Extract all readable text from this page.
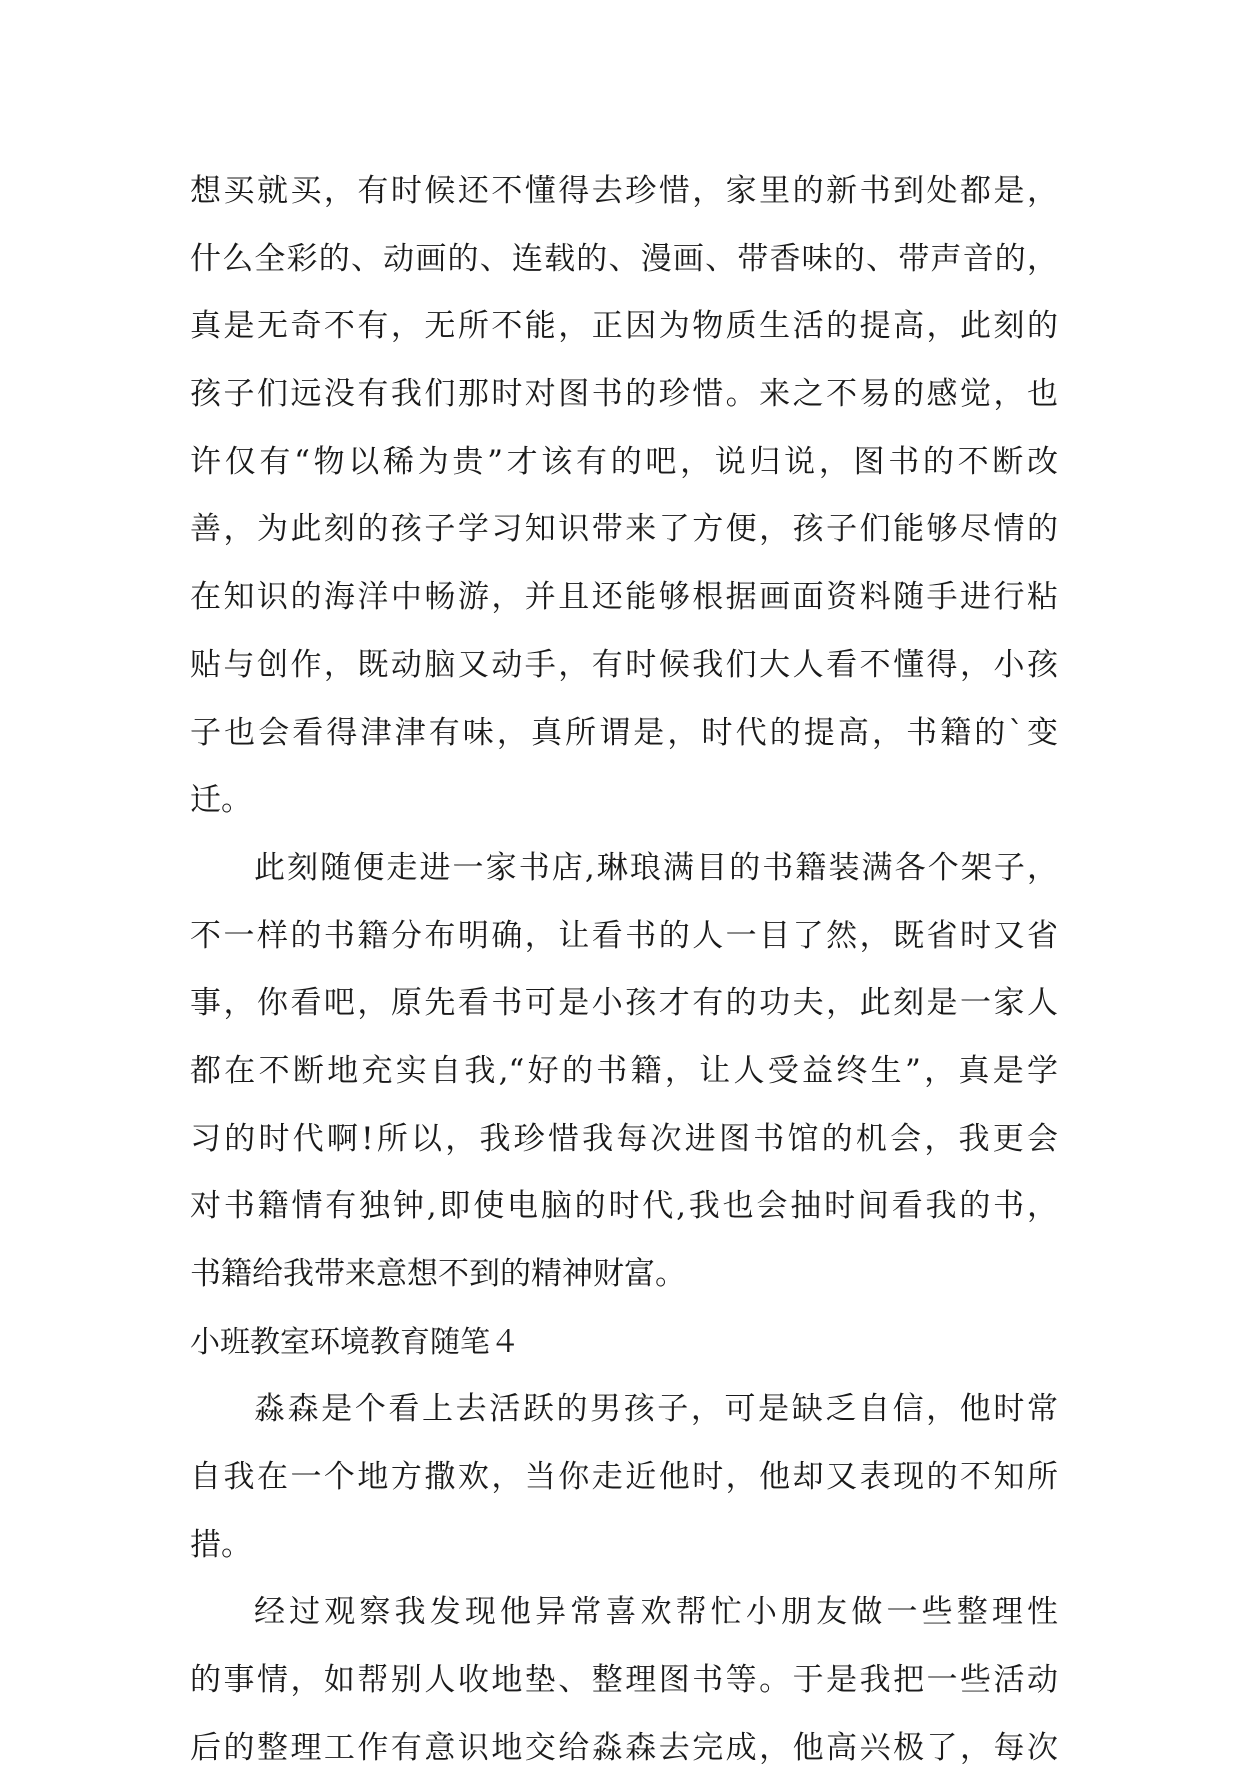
想买就买，有时候还不懂得去珍惜，家里的新书到处都是，
什么全彩的、动画的、连载的、漫画、带香味的、带声音的，
真是无奇不有，无所不能，正因为物质生活的提高，此刻的
孩子们远没有我们那时对图书的珍惜。来之不易的感觉，也
许仅有“物以稀为贵”才该有的吧，说归说，图书的不断改
善，为此刻的孩子学习知识带来了方便，孩子们能够尽情的
在知识的海洋中畅游，并且还能够根据画面资料随手进行粘
贴与创作，既动脑又动手，有时候我们大人看不懂得，小孩
子也会看得津津有味，真所谓是，时代的提高，书籍的`变
迁。
此刻随便走进一家书店,琳琅满目的书籍装满各个架子，
不一样的书籍分布明确，让看书的人一目了然，既省时又省
事，你看吧，原先看书可是小孩才有的功夫，此刻是一家人
都在不断地充实自我,“好的书籍，让人受益终生”，真是学
习的时代啊!所以，我珍惜我每次进图书馆的机会，我更会
对书籍情有独钟,即使电脑的时代,我也会抽时间看我的书，
书籍给我带来意想不到的精神财富。
小班教室环境教育随笔４
淼森是个看上去活跃的男孩子，可是缺乏自信，他时常
自我在一个地方撒欢，当你走近他时，他却又表现的不知所
措。
经过观察我发现他异常喜欢帮忙小朋友做一些整理性
的事情，如帮别人收地垫、整理图书等。于是我把一些活动
后的整理工作有意识地交给淼森去完成，他高兴极了，每次
